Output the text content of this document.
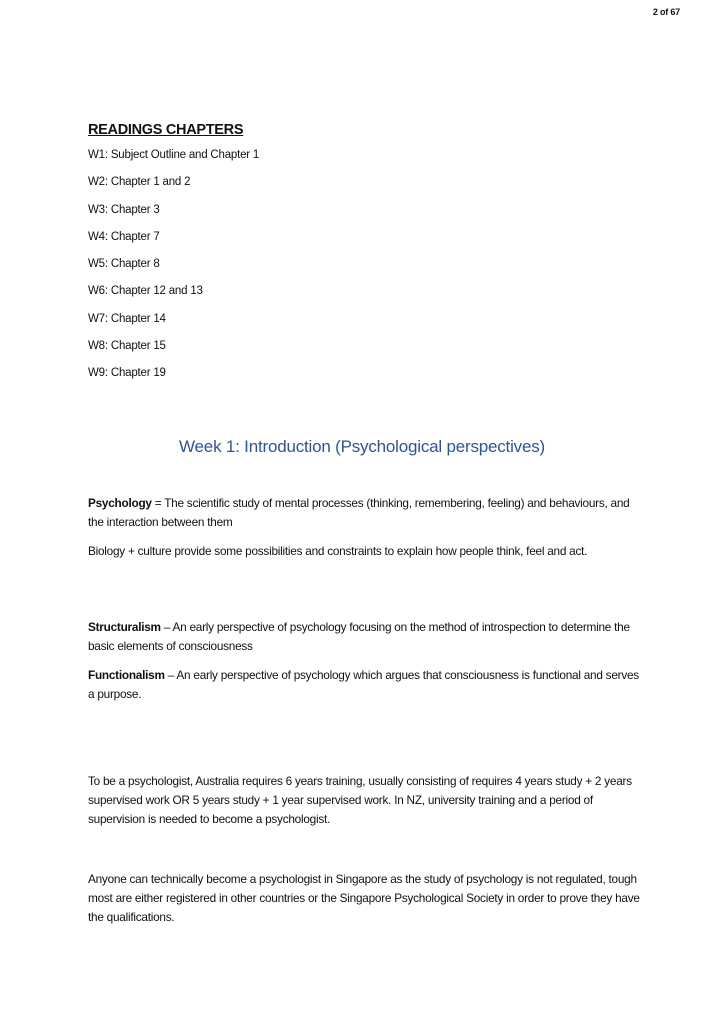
2 of 67
READINGS CHAPTERS
W1: Subject Outline and Chapter 1
W2: Chapter 1 and 2
W3: Chapter 3
W4: Chapter 7
W5: Chapter 8
W6: Chapter 12 and 13
W7: Chapter 14
W8: Chapter 15
W9: Chapter 19
Week 1: Introduction (Psychological perspectives)

Psychology = The scientific study of mental processes (thinking, remembering, feeling) and behaviours, and the interaction between them

Biology + culture provide some possibilities and constraints to explain how people think, feel and act.

Structuralism – An early perspective of psychology focusing on the method of introspection to determine the basic elements of consciousness

Functionalism – An early perspective of psychology which argues that consciousness is functional and serves a purpose.

To be a psychologist, Australia requires 6 years training, usually consisting of requires 4 years study + 2 years supervised work OR 5 years study + 1 year supervised work. In NZ, university training and a period of supervision is needed to become a psychologist.

Anyone can technically become a psychologist in Singapore as the study of psychology is not regulated, tough most are either registered in other countries or the Singapore Psychological Society in order to prove they have the qualifications.
